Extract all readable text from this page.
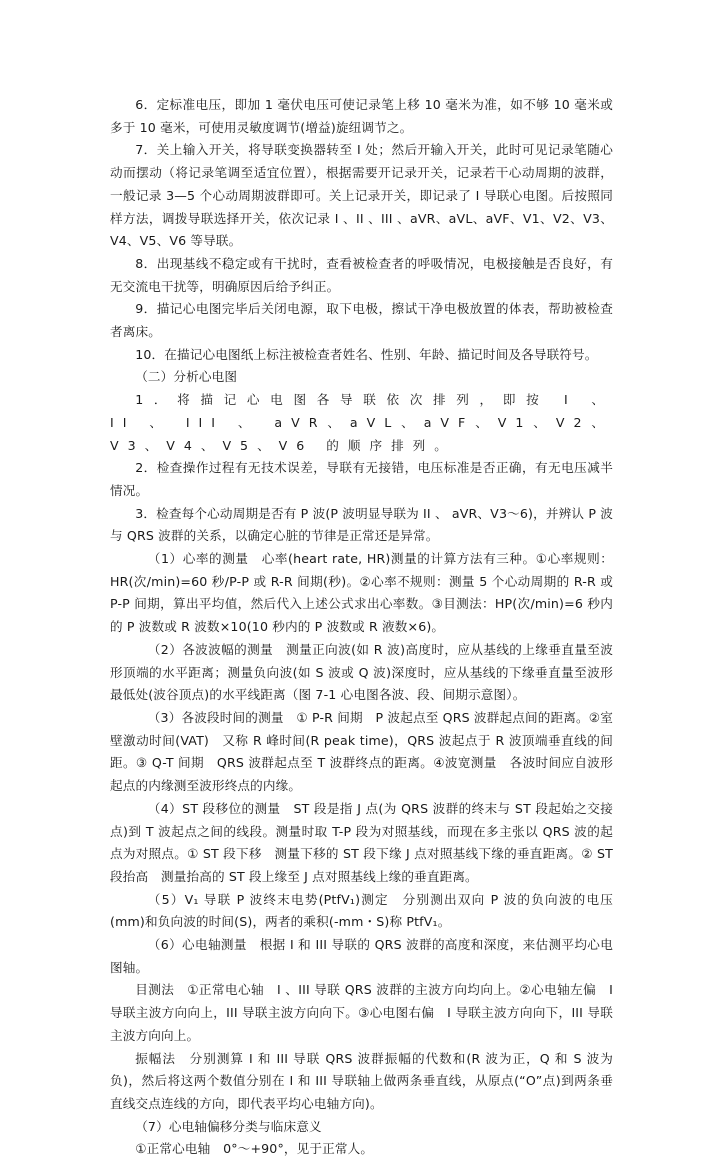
6．定标准电压，即加 1 毫伏电压可使记录笔上移 10 毫米为准，如不够 10 毫米或多于 10 毫米，可使用灵敏度调节(增益)旋纽调节之。

7．关上输入开关，将导联变换器转至 I 处；然后开输入开关，此时可见记录笔随心动而摆动（将记录笔调至适宜位置），根据需要开记录开关，记录若干心动周期的波群，一般记录 3—5 个心动周期波群即可。关上记录开关，即记录了 I 导联心电图。后按照同样方法，调拨导联选择开关，依次记录 I 、II 、III 、aVR、aVL、aVF、V1、V2、V3、V4、V5、V6 等导联。

8．出现基线不稳定或有干扰时，查看被检查者的呼吸情况，电极接触是否良好，有无交流电干扰等，明确原因后给予纠正。

9．描记心电图完毕后关闭电源，取下电极，擦试干净电极放置的体表，帮助被检查者离床。

10．在描记心电图纸上标注被检查者姓名、性别、年龄、描记时间及各导联符号。

（二）分析心电图

1．将描记心电图各导联依次排列，即按 I 、 II 、 III 、 aVR、aVL、aVF、V1、V2、V3、V4、V5、V6 的顺序排列。

2．检查操作过程有无技术误差，导联有无接错，电压标准是否正确，有无电压减半情况。

3．检查每个心动周期是否有 P 波(P 波明显导联为 II 、 aVR、V3～6)，并辨认 P 波与 QRS 波群的关系，以确定心脏的节律是正常还是异常。

（1）心率的测量　心率(heart rate, HR)测量的计算方法有三种。①心率规则：HR(次/min)=60 秒/P-P 或 R-R 间期(秒)。②心率不规则：测量 5 个心动周期的 R-R 或 P-P 间期，算出平均值，然后代入上述公式求出心率数。③目测法：HP(次/min)=6 秒内的 P 波数或 R 波数×10(10 秒内的 P 波数或 R 液数×6)。

（2）各波波幅的测量　测量正向波(如 R 波)高度时，应从基线的上缘垂直量至波形顶端的水平距离；测量负向波(如 S 波或 Q 波)深度时，应从基线的下缘垂直量至波形最低处(波谷顶点)的水平线距离（图 7-1 心电图各波、段、间期示意图）。

（3）各波段时间的测量　① P-R 间期　P 波起点至 QRS 波群起点间的距离。②室壁激动时间(VAT)　又称 R 峰时间(R peak time)，QRS 波起点于 R 波顶端垂直线的间距。③ Q-T 间期　QRS 波群起点至 T 波群终点的距离。④波宽测量　各波时间应自波形起点的内缘测至波形终点的内缘。

（4）ST 段移位的测量　ST 段是指 J 点(为 QRS 波群的终末与 ST 段起始之交接点)到 T 波起点之间的线段。测量时取 T-P 段为对照基线，而现在多主张以 QRS 波的起点为对照点。① ST 段下移　测量下移的 ST 段下缘 J 点对照基线下缘的垂直距离。② ST 段抬高　测量抬高的 ST 段上缘至 J 点对照基线上缘的垂直距离。

（5）V₁ 导联 P 波终末电势(PtfV₁)测定　分别测出双向 P 波的负向波的电压(mm)和负向波的时间(S)，两者的乘积(-mm・S)称 PtfV₁。

（6）心电轴测量　根据 I 和 III 导联的 QRS 波群的高度和深度，来估测平均心电图轴。

目测法　①正常电心轴　I 、III 导联 QRS 波群的主波方向均向上。②心电轴左偏　I 导联主波方向向上，III 导联主波方向向下。③心电图右偏　I 导联主波方向向下，III 导联主波方向向上。

振幅法　分别测算 I 和 III 导联 QRS 波群振幅的代数和(R 波为正，Q 和 S 波为负)，然后将这两个数值分别在 I 和 III 导联轴上做两条垂直线，从原点(“O”点)到两条垂直线交点连线的方向，即代表平均心电轴方向)。

（7）心电轴偏移分类与临床意义

①正常心电轴　0°～+90°，见于正常人。
